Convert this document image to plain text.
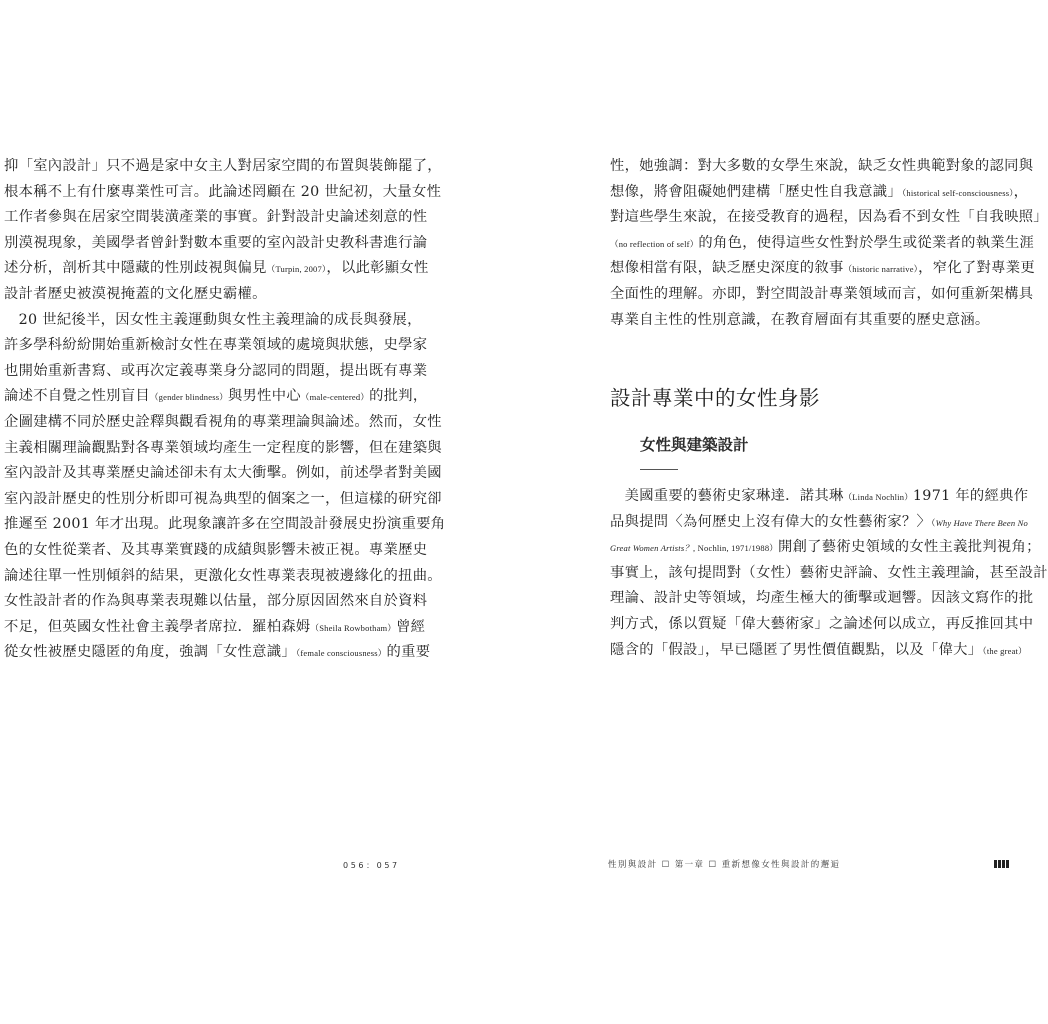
抑「室內設計」只不過是家中女主人對居家空間的布置與裝飾罷了，
根本稱不上有什麼專業性可言。此論述罔顧在 20 世紀初，大量女性
工作者參與在居家空間裝潢產業的事實。針對設計史論述刻意的性
別漠視現象，美國學者曾針對數本重要的室內設計史教科書進行論
述分析，剖析其中隱藏的性別歧視與偏見（Turpin, 2007），以此彰顯女性
設計者歷史被漠視掩蓋的文化歷史霸權。
　20 世紀後半，因女性主義運動與女性主義理論的成長與發展，
許多學科紛紛開始重新檢討女性在專業領域的處境與狀態，史學家
也開始重新書寫、或再次定義專業身分認同的問題，提出既有專業
論述不自覺之性別盲目（gender blindness）與男性中心（male-centered）的批判，
企圖建構不同於歷史詮釋與觀看視角的專業理論與論述。然而，女性
主義相關理論觀點對各專業領域均產生一定程度的影響，但在建築與
室內設計及其專業歷史論述卻未有太大衝擊。例如，前述學者對美國
室內設計歷史的性別分析即可視為典型的個案之一，但這樣的研究卻
推遲至 2001 年才出現。此現象讓許多在空間設計發展史扮演重要角
色的女性從業者、及其專業實踐的成績與影響未被正視。專業歷史
論述往單一性別傾斜的結果，更激化女性專業表現被邊緣化的扭曲。
女性設計者的作為與專業表現難以估量，部分原因固然來自於資料
不足，但英國女性社會主義學者席拉．羅柏森姆（Sheila Rowbotham）曾經
從女性被歷史隱匿的角度，強調「女性意識」（female consciousness）的重要
056：057
性，她強調：對大多數的女學生來說，缺乏女性典範對象的認同與
想像，將會阻礙她們建構「歷史性自我意識」（historical self-consciousness），
對這些學生來說，在接受教育的過程，因為看不到女性「自我映照」
（no reflection of self）的角色，使得這些女性對於學生或從業者的執業生涯
想像相當有限，缺乏歷史深度的敘事（historic narrative），窄化了對專業更
全面性的理解。亦即，對空間設計專業領域而言，如何重新架構具
專業自主性的性別意識，在教育層面有其重要的歷史意涵。
設計專業中的女性身影
女性與建築設計
　美國重要的藝術史家琳達．諾其琳（Linda Nochlin）1971 年的經典作
品與提問〈為何歷史上沒有偉大的女性藝術家？〉（Why Have There Been No
Great Women Artists？, Nochlin, 1971/1988）開創了藝術史領域的女性主義批判視角；
事實上，該句提問對（女性）藝術史評論、女性主義理論，甚至設計
理論、設計史等領域，均產生極大的衝擊或迴響。因該文寫作的批
判方式，係以質疑「偉大藝術家」之論述何以成立，再反推回其中
隱含的「假設」，早已隱匿了男性價值觀點，以及「偉大」（the great）
性別與設計 ☐ 第一章 ☐ 重新想像女性與設計的邂逅
